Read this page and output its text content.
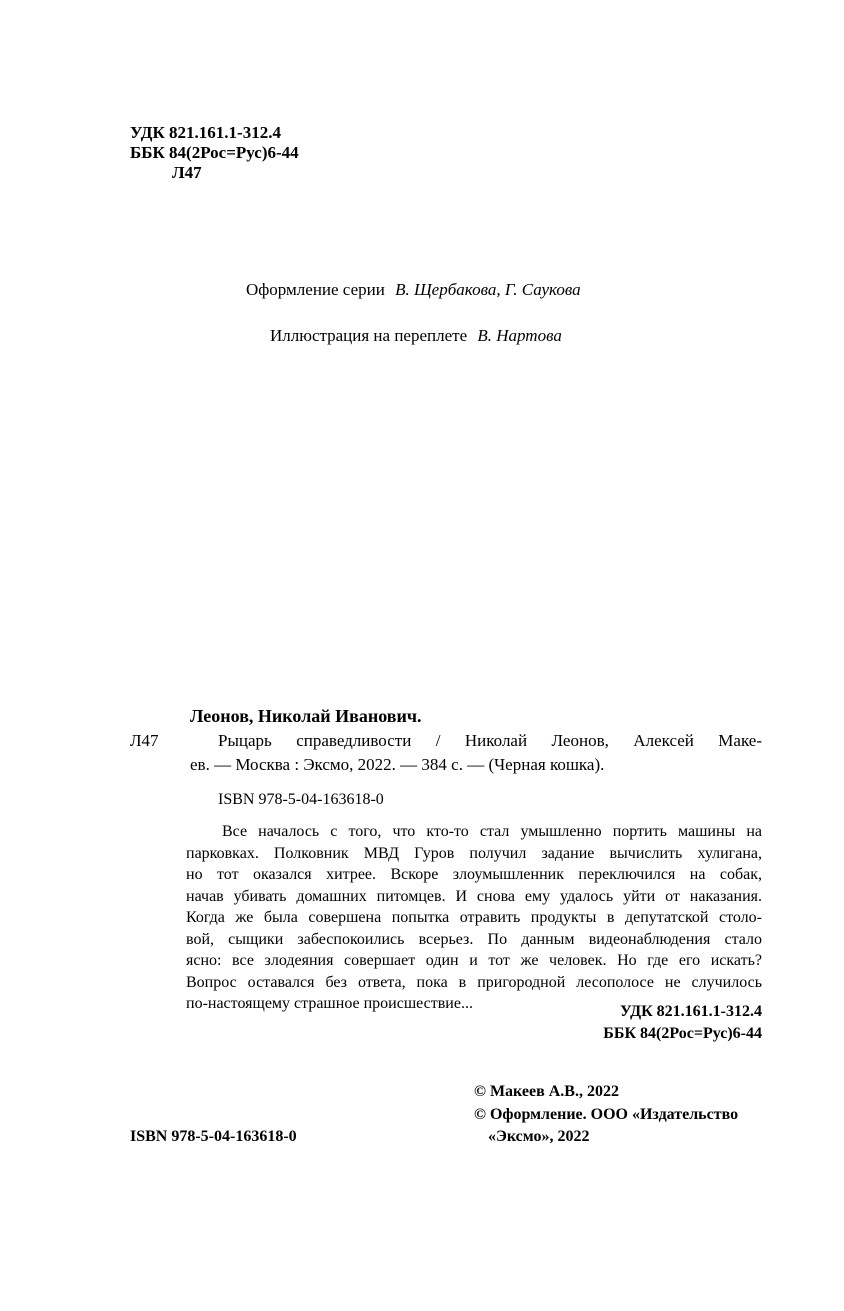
УДК 821.161.1-312.4
ББК 84(2Рос=Рус)6-44
Л47
Оформление серии В. Щербакова, Г. Саукова
Иллюстрация на переплете В. Нартова
Леонов, Николай Иванович.
Л47	Рыцарь справедливости / Николай Леонов, Алексей Маке-
ев. — Москва : Эксмо, 2022. — 384 с. — (Черная кошка).
ISBN 978-5-04-163618-0
Все началось с того, что кто-то стал умышленно портить машины на
парковках. Полковник МВД Гуров получил задание вычислить хулигана,
но тот оказался хитрее. Вскоре злоумышленник переключился на собак,
начав убивать домашних питомцев. И снова ему удалось уйти от наказания.
Когда же была совершена попытка отравить продукты в депутатской столо-
вой, сыщики забеспокоились всерьез. По данным видеонаблюдения стало
ясно: все злодеяния совершает один и тот же человек. Но где его искать?
Вопрос оставался без ответа, пока в пригородной лесополосе не случилось
по-настоящему страшное происшествие...	УДК 821.161.1-312.4
ББК 84(2Рос=Рус)6-44
ISBN 978-5-04-163618-0
© Макеев А.В., 2022
© Оформление. ООО «Издательство
«Эксмо», 2022
